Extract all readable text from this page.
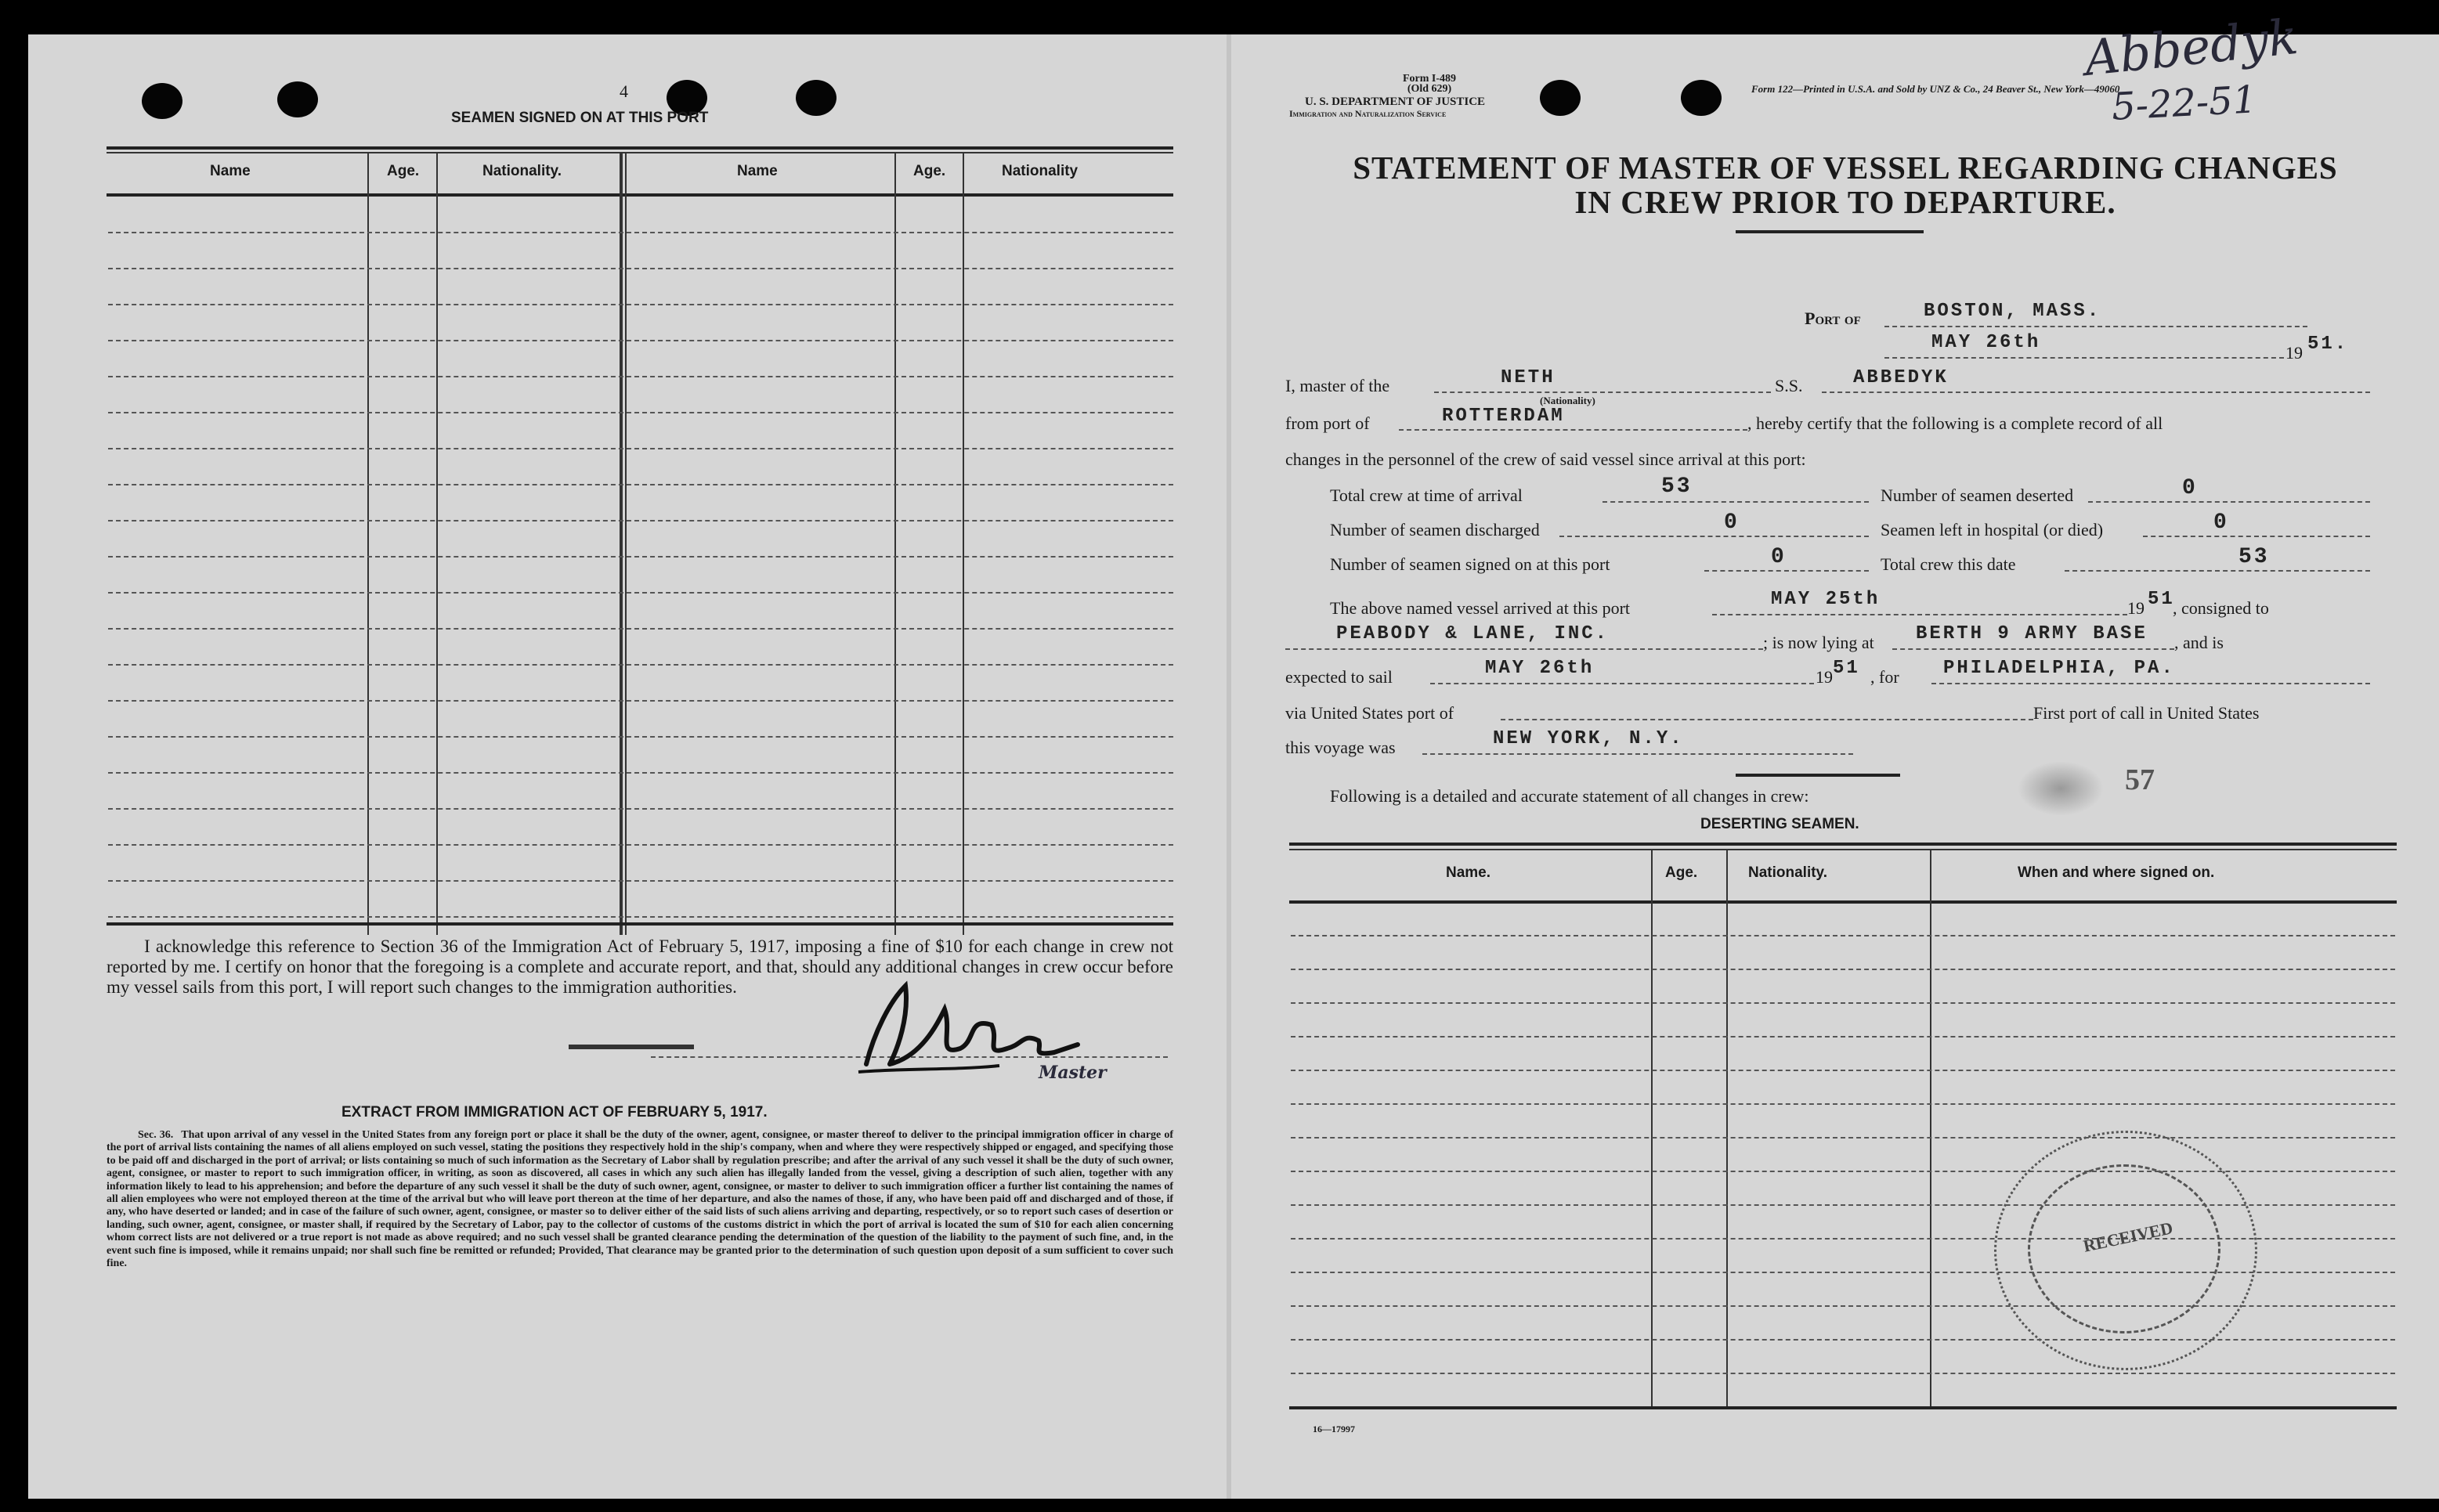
4
SEAMEN SIGNED ON AT THIS PORT
Name	Age.	Nationality.	Name	Age.	Nationality
I acknowledge this reference to Section 36 of the Immigration Act of February 5, 1917, imposing a fine of $10 for each change in crew not reported by me. I certify on honor that the foregoing is a complete and accurate report, and that, should any additional changes in crew occur before my vessel sails from this port, I will report such changes to the immigration authorities.
Master
EXTRACT FROM IMMIGRATION ACT OF FEBRUARY 5, 1917.
Sec. 36. That upon arrival of any vessel in the United States from any foreign port or place it shall be the duty of the owner, agent, consignee, or master thereof to deliver to the principal immigration officer in charge of the port of arrival lists containing the names of all aliens employed on such vessel, stating the positions they respectively hold in the ship's company, when and where they were respectively shipped or engaged, and specifying those to be paid off and discharged in the port of arrival; or lists containing so much of such information as the Secretary of Labor shall by regulation prescribe; and after the arrival of any such vessel it shall be the duty of such owner, agent, consignee, or master to report to such immigration officer, in writing, as soon as discovered, all cases in which any such alien has illegally landed from the vessel, giving a description of such alien, together with any information likely to lead to his apprehension; and before the departure of any such vessel it shall be the duty of such owner, agent, consignee, or master to deliver to such immigration officer a further list containing the names of all alien employees who were not employed thereon at the time of the arrival but who will leave port thereon at the time of her departure, and also the names of those, if any, who have been paid off and discharged and of those, if any, who have deserted or landed; and in case of the failure of such owner, agent, consignee, or master so to deliver either of the said lists of such aliens arriving and departing, respectively, or so to report such cases of desertion or landing, such owner, agent, consignee, or master shall, if required by the Secretary of Labor, pay to the collector of customs of the customs district in which the port of arrival is located the sum of $10 for each alien concerning whom correct lists are not delivered or a true report is not made as above required; and no such vessel shall be granted clearance pending the determination of the question of the liability to the payment of such fine, and, in the event such fine is imposed, while it remains unpaid; nor shall such fine be remitted or refunded; Provided, That clearance may be granted prior to the determination of such question upon deposit of a sum sufficient to cover such fine.
Form I-489
(Old 629)
U. S. DEPARTMENT OF JUSTICE
Immigration and Naturalization Service
Form 122—Printed in U.S.A. and Sold by UNZ & Co., 24 Beaver St., New York—49060
Abbedyk
5-22-51
STATEMENT OF MASTER OF VESSEL REGARDING CHANGES
IN CREW PRIOR TO DEPARTURE.
Port of	BOSTON, MASS.
MAY 26th	19 51.
I, master of the	NETH
(Nationality)
S.S.	ABBEDYK
from port of	ROTTERDAM	, hereby certify that the following is a complete record of all
changes in the personnel of the crew of said vessel since arrival at this port:
Total crew at time of arrival	53	Number of seamen deserted	0
Number of seamen discharged	0	Seamen left in hospital (or died)	0
Number of seamen signed on at this port	0	Total crew this date	53
The above named vessel arrived at this port	MAY 25th	19 51
, consigned to
PEABODY & LANE, INC.	; is now lying at BERTH 9 ARMY BASE , and is
expected to sail	MAY 26th	19 51 , for PHILADELPHIA, PA.
via United States port of	First port of call in United States
this voyage was	NEW YORK, N.Y.
57
Following is a detailed and accurate statement of all changes in crew:
DESERTING SEAMEN.
Name.	Age.	Nationality.	When and where signed on.
RECEIVED
16—17997
